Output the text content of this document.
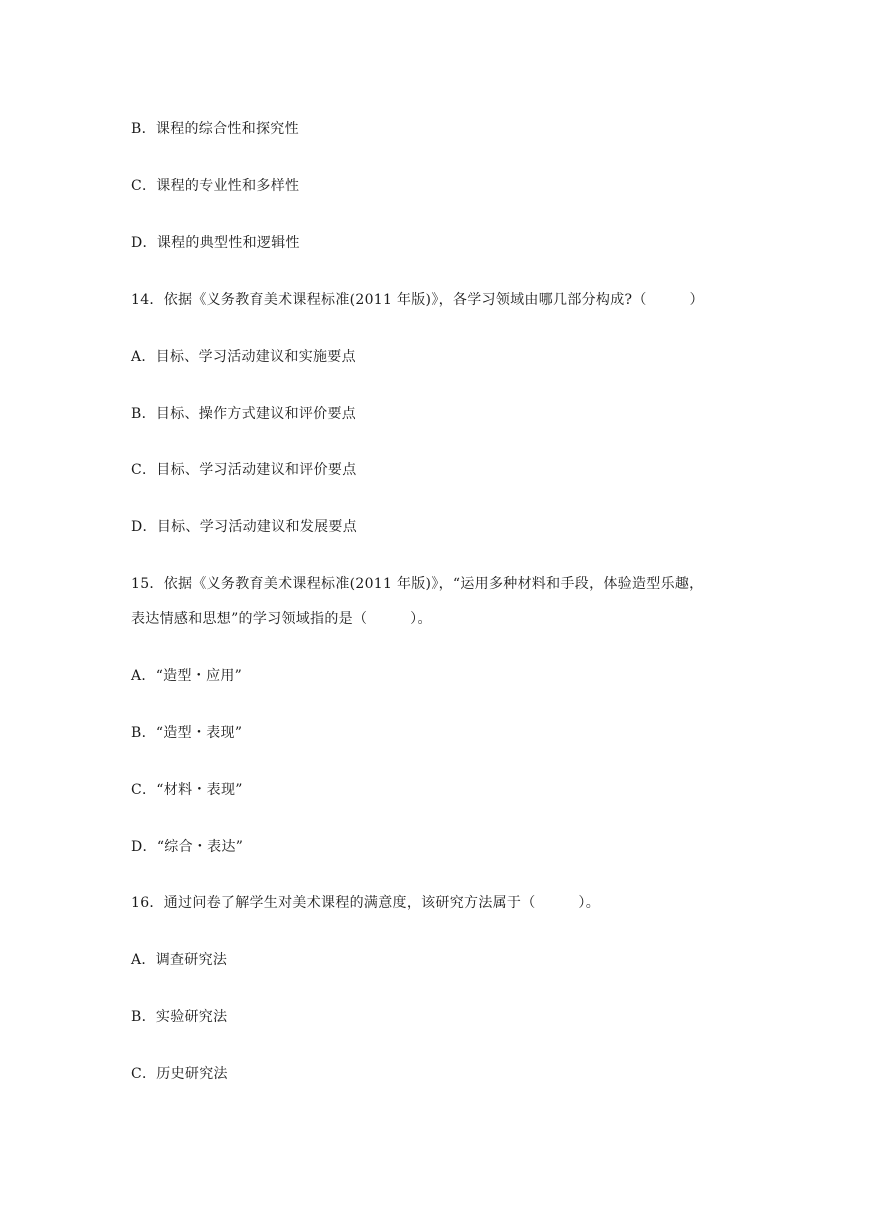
B．课程的综合性和探究性
C．课程的专业性和多样性
D．课程的典型性和逻辑性
14．依据《义务教育美术课程标准(2011 年版)》，各学习领域由哪几部分构成?（　　　）
A．目标、学习活动建议和实施要点
B．目标、操作方式建议和评价要点
C．目标、学习活动建议和评价要点
D．目标、学习活动建议和发展要点
15．依据《义务教育美术课程标准(2011 年版)》，“运用多种材料和手段，体验造型乐趣，
表达情感和思想”的学习领域指的是（　　　）。
A．“造型・应用”
B．“造型・表现”
C．“材料・表现”
D．“综合・表达”
16．通过问卷了解学生对美术课程的满意度，该研究方法属于（　　　）。
A．调查研究法
B．实验研究法
C．历史研究法
